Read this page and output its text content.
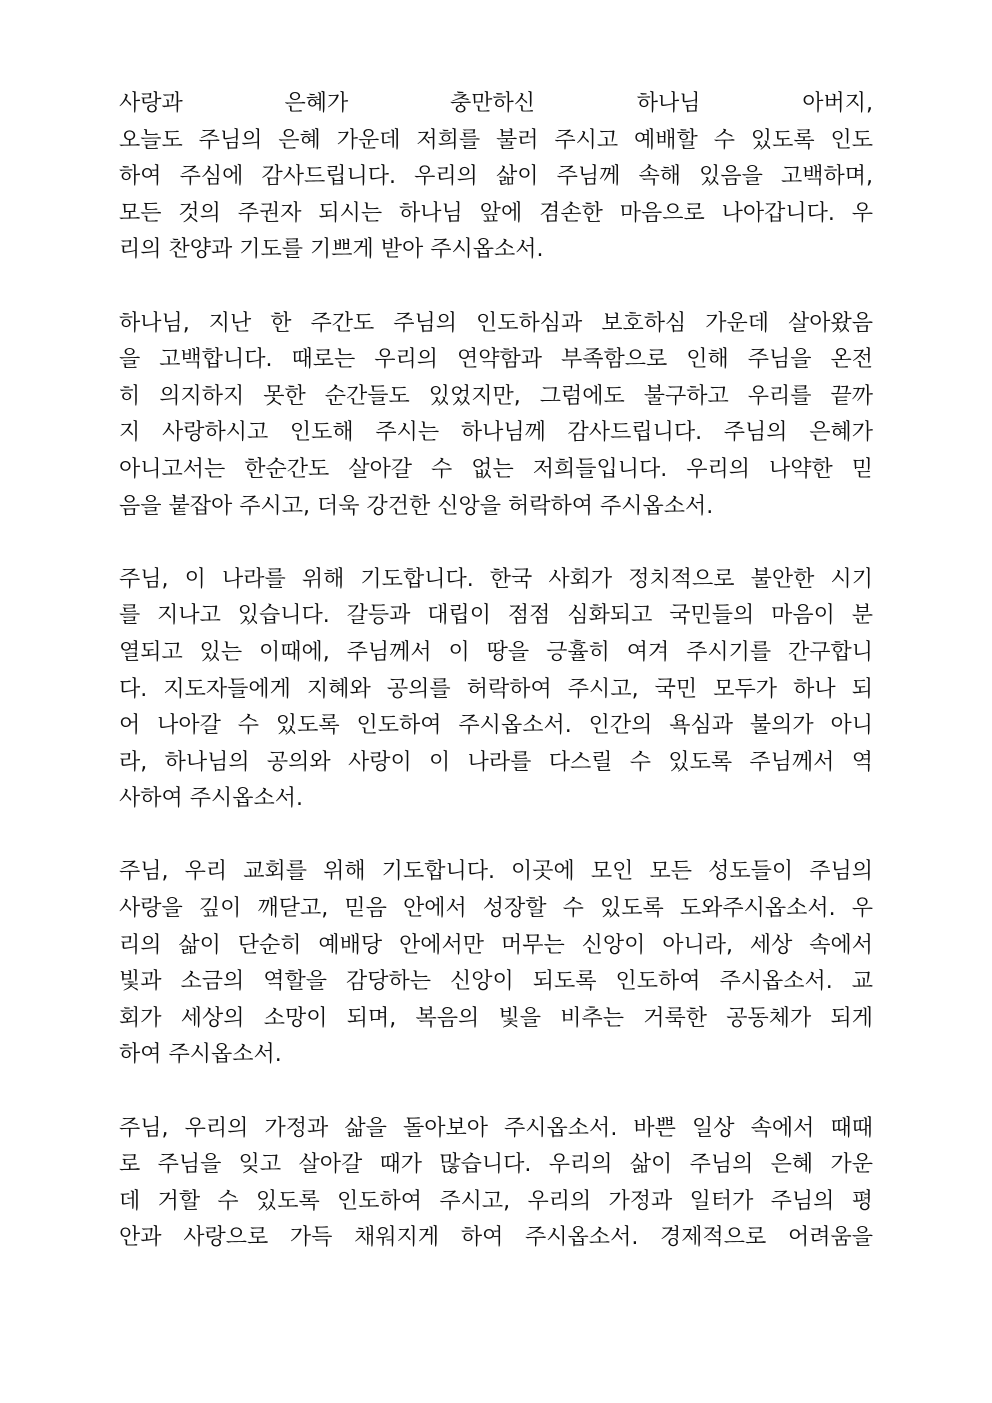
사랑과 은혜가 충만하신 하나님 아버지,
오늘도 주님의 은혜 가운데 저희를 불러 주시고 예배할 수 있도록 인도
하여 주심에 감사드립니다. 우리의 삶이 주님께 속해 있음을 고백하며,
모든 것의 주권자 되시는 하나님 앞에 겸손한 마음으로 나아갑니다. 우
리의 찬양과 기도를 기쁘게 받아 주시옵소서.
하나님, 지난 한 주간도 주님의 인도하심과 보호하심 가운데 살아왔음
을 고백합니다. 때로는 우리의 연약함과 부족함으로 인해 주님을 온전
히 의지하지 못한 순간들도 있었지만, 그럼에도 불구하고 우리를 끝까
지 사랑하시고 인도해 주시는 하나님께 감사드립니다. 주님의 은혜가
아니고서는 한순간도 살아갈 수 없는 저희들입니다. 우리의 나약한 믿
음을 붙잡아 주시고, 더욱 강건한 신앙을 허락하여 주시옵소서.
주님, 이 나라를 위해 기도합니다. 한국 사회가 정치적으로 불안한 시기
를 지나고 있습니다. 갈등과 대립이 점점 심화되고 국민들의 마음이 분
열되고 있는 이때에, 주님께서 이 땅을 긍휼히 여겨 주시기를 간구합니
다. 지도자들에게 지혜와 공의를 허락하여 주시고, 국민 모두가 하나 되
어 나아갈 수 있도록 인도하여 주시옵소서. 인간의 욕심과 불의가 아니
라, 하나님의 공의와 사랑이 이 나라를 다스릴 수 있도록 주님께서 역
사하여 주시옵소서.
주님, 우리 교회를 위해 기도합니다. 이곳에 모인 모든 성도들이 주님의
사랑을 깊이 깨닫고, 믿음 안에서 성장할 수 있도록 도와주시옵소서. 우
리의 삶이 단순히 예배당 안에서만 머무는 신앙이 아니라, 세상 속에서
빛과 소금의 역할을 감당하는 신앙이 되도록 인도하여 주시옵소서. 교
회가 세상의 소망이 되며, 복음의 빛을 비추는 거룩한 공동체가 되게
하여 주시옵소서.
주님, 우리의 가정과 삶을 돌아보아 주시옵소서. 바쁜 일상 속에서 때때
로 주님을 잊고 살아갈 때가 많습니다. 우리의 삶이 주님의 은혜 가운
데 거할 수 있도록 인도하여 주시고, 우리의 가정과 일터가 주님의 평
안과 사랑으로 가득 채워지게 하여 주시옵소서. 경제적으로 어려움을
